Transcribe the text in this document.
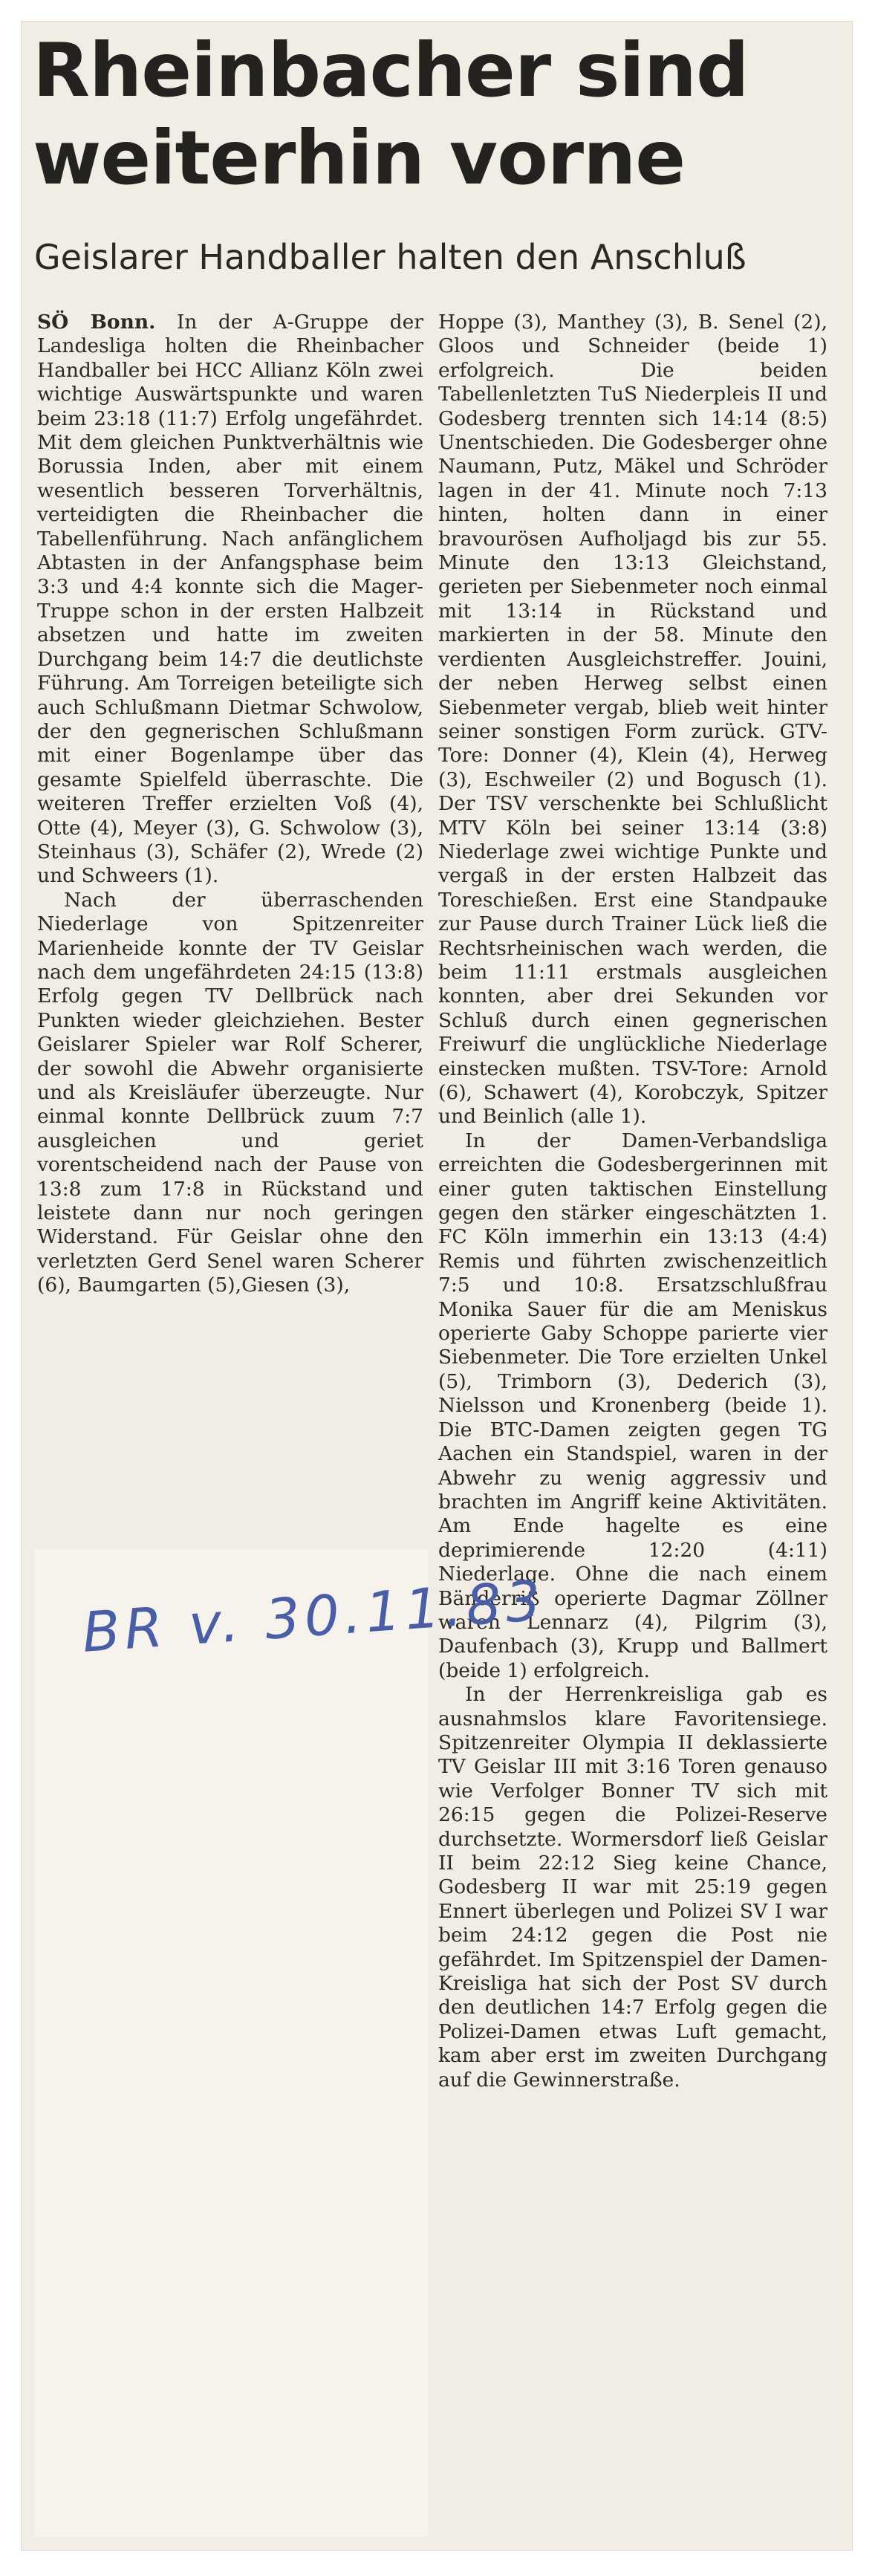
Rheinbacher sind
weiterhin vorne
Geislarer Handballer halten den Anschluß

SÖ Bonn. In der A-Gruppe der Landesliga holten die Rheinbacher Handballer bei HCC Allianz Köln zwei wichtige Auswärtspunkte und waren beim 23:18 (11:7) Erfolg ungefährdet. Mit dem gleichen Punktverhältnis wie Borussia Inden, aber mit einem wesentlich besseren Torverhältnis, verteidigten die Rheinbacher die Tabellenführung. Nach anfänglichem Abtasten in der Anfangsphase beim 3:3 und 4:4 konnte sich die Mager-Truppe schon in der ersten Halbzeit absetzen und hatte im zweiten Durchgang beim 14:7 die deutlichste Führung. Am Torreigen beteiligte sich auch Schlußmann Dietmar Schwolow, der den gegnerischen Schlußmann mit einer Bogenlampe über das gesamte Spielfeld überraschte. Die weiteren Treffer erzielten Voß (4), Otte (4), Meyer (3), G. Schwolow (3), Steinhaus (3), Schäfer (2), Wrede (2) und Schweers (1).

Nach der überraschenden Niederlage von Spitzenreiter Marienheide konnte der TV Geislar nach dem ungefährdeten 24:15 (13:8) Erfolg gegen TV Dellbrück nach Punkten wieder gleichziehen. Bester Geislarer Spieler war Rolf Scherer, der sowohl die Abwehr organisierte und als Kreisläufer überzeugte. Nur einmal konnte Dellbrück zuum 7:7 ausgleichen und geriet vorentscheidend nach der Pause von 13:8 zum 17:8 in Rückstand und leistete dann nur noch geringen Widerstand. Für Geislar ohne den verletzten Gerd Senel waren Scherer (6), Baumgarten (5),Giesen (3),

Hoppe (3), Manthey (3), B. Senel (2), Gloos und Schneider (beide 1) erfolgreich. Die beiden Tabellenletzten TuS Niederpleis II und Godesberg trennten sich 14:14 (8:5) Unentschieden. Die Godesberger ohne Naumann, Putz, Mäkel und Schröder lagen in der 41. Minute noch 7:13 hinten, holten dann in einer bravourösen Aufholjagd bis zur 55. Minute den 13:13 Gleichstand, gerieten per Siebenmeter noch einmal mit 13:14 in Rückstand und markierten in der 58. Minute den verdienten Ausgleichstreffer. Jouini, der neben Herweg selbst einen Siebenmeter vergab, blieb weit hinter seiner sonstigen Form zurück. GTV-Tore: Donner (4), Klein (4), Herweg (3), Eschweiler (2) und Bogusch (1). Der TSV verschenkte bei Schlußlicht MTV Köln bei seiner 13:14 (3:8) Niederlage zwei wichtige Punkte und vergaß in der ersten Halbzeit das Toreschießen. Erst eine Standpauke zur Pause durch Trainer Lück ließ die Rechtsrheinischen wach werden, die beim 11:11 erstmals ausgleichen konnten, aber drei Sekunden vor Schluß durch einen gegnerischen Freiwurf die unglückliche Niederlage einstecken mußten. TSV-Tore: Arnold (6), Schawert (4), Korobczyk, Spitzer und Beinlich (alle 1).

In der Damen-Verbandsliga erreichten die Godesbergerinnen mit einer guten taktischen Einstellung gegen den stärker eingeschätzten 1. FC Köln immerhin ein 13:13 (4:4) Remis und führten zwischenzeitlich 7:5 und 10:8. Ersatzschlußfrau Monika Sauer für die am Meniskus operierte Gaby Schoppe parierte vier Siebenmeter. Die Tore erzielten Unkel (5), Trimborn (3), Dederich (3), Nielsson und Kronenberg (beide 1). Die BTC-Damen zeigten gegen TG Aachen ein Standspiel, waren in der Abwehr zu wenig aggressiv und brachten im Angriff keine Aktivitäten. Am Ende hagelte es eine deprimierende 12:20 (4:11) Niederlage. Ohne die nach einem Bänderriß operierte Dagmar Zöllner waren Lennarz (4), Pilgrim (3), Daufenbach (3), Krupp und Ballmert (beide 1) erfolgreich.

In der Herrenkreisliga gab es ausnahmslos klare Favoritensiege. Spitzenreiter Olympia II deklassierte TV Geislar III mit 3:16 Toren genauso wie Verfolger Bonner TV sich mit 26:15 gegen die Polizei-Reserve durchsetzte. Wormersdorf ließ Geislar II beim 22:12 Sieg keine Chance, Godesberg II war mit 25:19 gegen Ennert überlegen und Polizei SV I war beim 24:12 gegen die Post nie gefährdet. Im Spitzenspiel der Damen-Kreisliga hat sich der Post SV durch den deutlichen 14:7 Erfolg gegen die Polizei-Damen etwas Luft gemacht, kam aber erst im zweiten Durchgang auf die Gewinnerstraße.

BR v. 30.11.83
